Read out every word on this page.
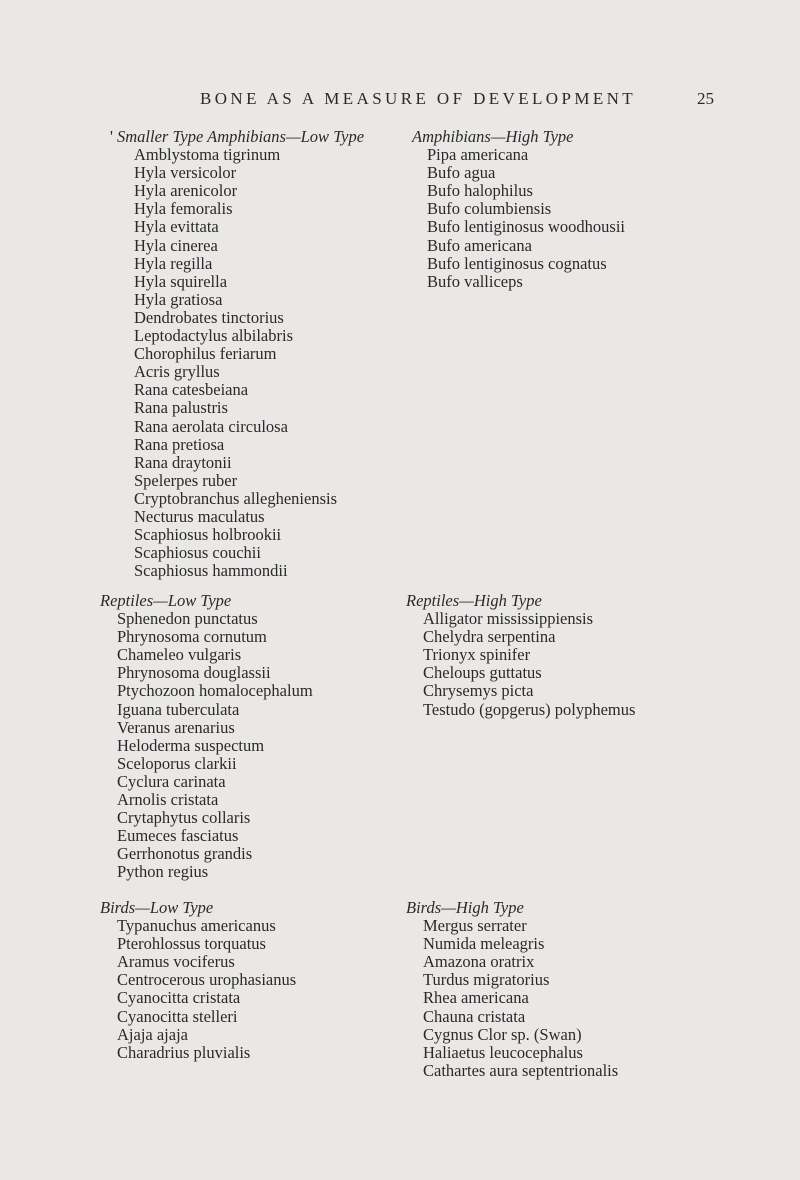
BONE AS A MEASURE OF DEVELOPMENT	25
' Smaller Type Amphibians—Low Type
Amblystoma tigrinum
Hyla versicolor
Hyla arenicolor
Hyla femoralis
Hyla evittata
Hyla cinerea
Hyla regilla
Hyla squirella
Hyla gratiosa
Dendrobates tinctorius
Leptodactylus albilabris
Chorophilus feriarum
Acris gryllus
Rana catesbeiana
Rana palustris
Rana aerolata circulosa
Rana pretiosa
Rana draytonii
Spelerpes ruber
Cryptobranchus allegheniensis
Necturus maculatus
Scaphiosus holbrookii
Scaphiosus couchii
Scaphiosus hammondii
Amphibians—High Type
Pipa americana
Bufo agua
Bufo halophilus
Bufo columbiensis
Bufo lentiginosus woodhousii
Bufo americana
Bufo lentiginosus cognatus
Bufo valliceps
Reptiles—Low Type
Sphenedon punctatus
Phrynosoma cornutum
Chameleo vulgaris
Phrynosoma douglassii
Ptychozoon homalocephalum
Iguana tuberculata
Veranus arenarius
Heloderma suspectum
Sceloporus clarkii
Cyclura carinata
Arnolis cristata
Crytaphytus collaris
Eumeces fasciatus
Gerrhonotus grandis
Python regius
Reptiles—High Type
Alligator mississippiensis
Chelydra serpentina
Trionyx spinifer
Cheloups guttatus
Chrysemys picta
Testudo (gopgerus) polyphemus
Birds—Low Type
Typanuchus americanus
Pterohlossus torquatus
Aramus vociferus
Centrocerous urophasianus
Cyanocitta cristata
Cyanocitta stelleri
Ajaja ajaja
Charadrius pluvialis
Birds—High Type
Mergus serrater
Numida meleagris
Amazona oratrix
Turdus migratorius
Rhea americana
Chauna cristata
Cygnus Clor sp. (Swan)
Haliaetus leucocephalus
Cathartes aura septentrionalis
